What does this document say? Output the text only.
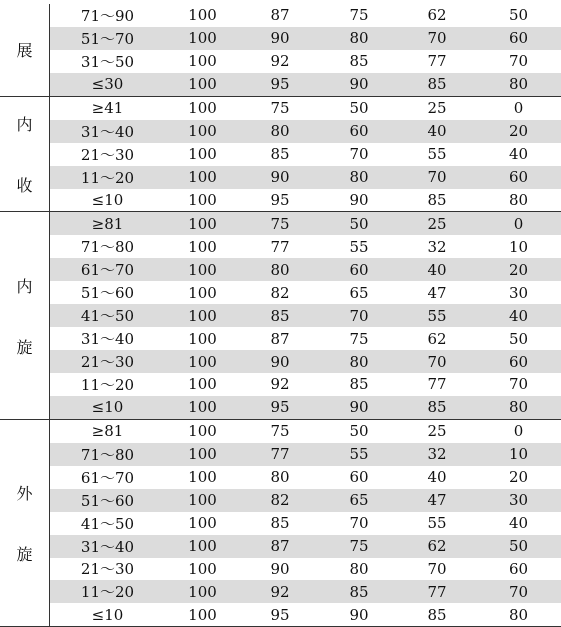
展
71～90	100	87	75	62	50
51～70	100	90	80	70	60
31～50	100	92	85	77	70
≤30	100	95	90	85	80
内
收
≥41	100	75	50	25	0
31～40	100	80	60	40	20
21～30	100	85	70	55	40
11～20	100	90	80	70	60
≤10	100	95	90	85	80
内
旋
≥81	100	75	50	25	0
71～80	100	77	55	32	10
61～70	100	80	60	40	20
51～60	100	82	65	47	30
41～50	100	85	70	55	40
31～40	100	87	75	62	50
21～30	100	90	80	70	60
11～20	100	92	85	77	70
≤10	100	95	90	85	80
外
旋
≥81	100	75	50	25	0
71～80	100	77	55	32	10
61～70	100	80	60	40	20
51～60	100	82	65	47	30
41～50	100	85	70	55	40
31～40	100	87	75	62	50
21～30	100	90	80	70	60
11～20	100	92	85	77	70
≤10	100	95	90	85	80
